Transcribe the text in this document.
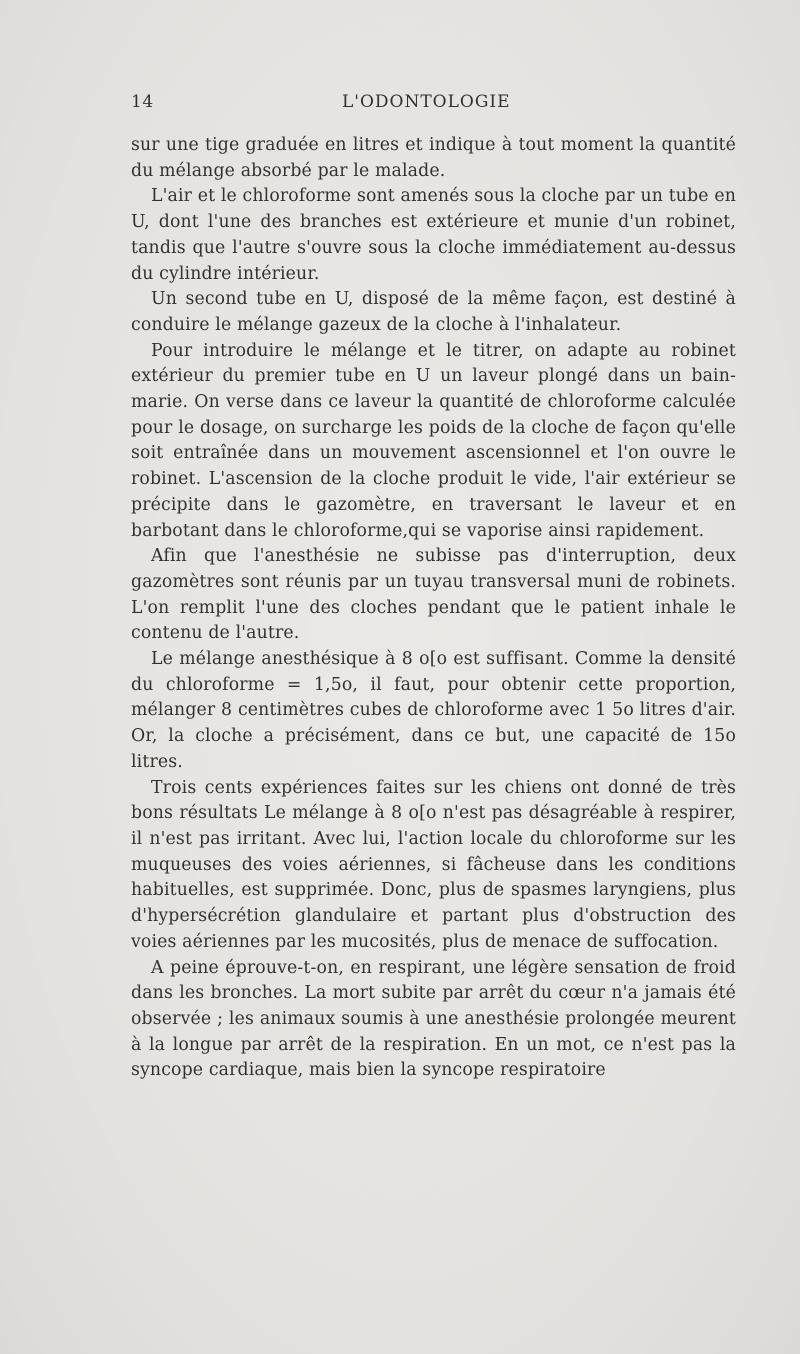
14	L'ODONTOLOGIE

sur une tige graduée en litres et indique à tout moment la quantité du mélange absorbé par le malade.

L'air et le chloroforme sont amenés sous la cloche par un tube en U, dont l'une des branches est extérieure et munie d'un robinet, tandis que l'autre s'ouvre sous la cloche immédiatement au-dessus du cylindre intérieur.

Un second tube en U, disposé de la même façon, est destiné à conduire le mélange gazeux de la cloche à l'inhalateur.

Pour introduire le mélange et le titrer, on adapte au robinet extérieur du premier tube en U un laveur plongé dans un bain-marie. On verse dans ce laveur la quantité de chloroforme calculée pour le dosage, on surcharge les poids de la cloche de façon qu'elle soit entraînée dans un mouvement ascensionnel et l'on ouvre le robinet. L'ascension de la cloche produit le vide, l'air extérieur se précipite dans le gazomètre, en traversant le laveur et en barbotant dans le chloroforme,qui se vaporise ainsi rapidement.

Afin que l'anesthésie ne subisse pas d'interruption, deux gazomètres sont réunis par un tuyau transversal muni de robinets. L'on remplit l'une des cloches pendant que le patient inhale le contenu de l'autre.

Le mélange anesthésique à 8 o[o est suffisant. Comme la densité du chloroforme = 1,5o, il faut, pour obtenir cette proportion, mélanger 8 centimètres cubes de chloroforme avec 1 5o litres d'air. Or, la cloche a précisément, dans ce but, une capacité de 15o litres.

Trois cents expériences faites sur les chiens ont donné de très bons résultats Le mélange à 8 o[o n'est pas désagréable à respirer, il n'est pas irritant. Avec lui, l'action locale du chloroforme sur les muqueuses des voies aériennes, si fâcheuse dans les conditions habituelles, est supprimée. Donc, plus de spasmes laryngiens, plus d'hypersécrétion glandulaire et partant plus d'obstruction des voies aériennes par les mucosités, plus de menace de suffocation.

A peine éprouve-t-on, en respirant, une légère sensation de froid dans les bronches. La mort subite par arrêt du cœur n'a jamais été observée ; les animaux soumis à une anesthésie prolongée meurent à la longue par arrêt de la respiration. En un mot, ce n'est pas la syncope cardiaque, mais bien la syncope respiratoire
